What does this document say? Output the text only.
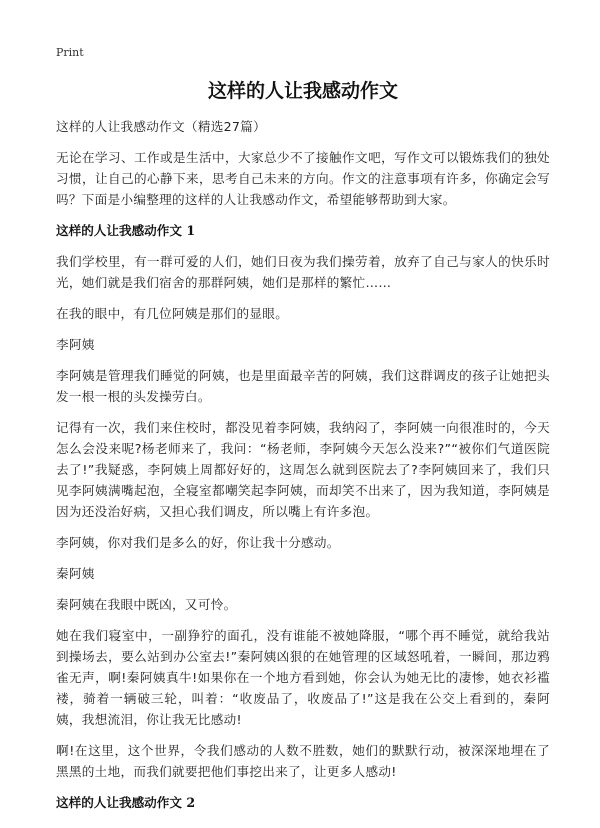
Print
这样的人让我感动作文
这样的人让我感动作文（精选27篇）
无论在学习、工作或是生活中，大家总少不了接触作文吧，写作文可以锻炼我们的独处习惯，让自己的心静下来，思考自己未来的方向。作文的注意事项有许多，你确定会写吗？下面是小编整理的这样的人让我感动作文，希望能够帮助到大家。
这样的人让我感动作文 1
我们学校里，有一群可爱的人们，她们日夜为我们操劳着，放弃了自己与家人的快乐时光，她们就是我们宿舍的那群阿姨，她们是那样的繁忙……
在我的眼中，有几位阿姨是那们的显眼。
李阿姨
李阿姨是管理我们睡觉的阿姨，也是里面最辛苦的阿姨，我们这群调皮的孩子让她把头发一根一根的头发操劳白。
记得有一次，我们来住校时，都没见着李阿姨，我纳闷了，李阿姨一向很准时的，今天怎么会没来呢?杨老师来了，我问：“杨老师，李阿姨今天怎么没来?”“被你们气道医院去了!”我疑惑，李阿姨上周都好好的，这周怎么就到医院去了?李阿姨回来了，我们只见李阿姨满嘴起泡，全寝室都嘲笑起李阿姨，而却笑不出来了，因为我知道，李阿姨是因为还没治好病，又担心我们调皮，所以嘴上有许多泡。
李阿姨，你对我们是多么的好，你让我十分感动。
秦阿姨
秦阿姨在我眼中既凶，又可怜。
她在我们寝室中，一副狰狞的面孔，没有谁能不被她降服，“哪个再不睡觉，就给我站到操场去，要么站到办公室去!”秦阿姨凶狠的在她管理的区域怒吼着，一瞬间，那边鸦雀无声，啊!秦阿姨真牛!如果你在一个地方看到她，你会认为她无比的凄惨，她衣衫褴褛，骑着一辆破三轮，叫着：“收废品了，收废品了!”这是我在公交上看到的，秦阿姨，我想流泪，你让我无比感动!
啊!在这里，这个世界，令我们感动的人数不胜数，她们的默默行动，被深深地埋在了黑黑的土地，而我们就要把他们事挖出来了，让更多人感动!
这样的人让我感动作文 2
